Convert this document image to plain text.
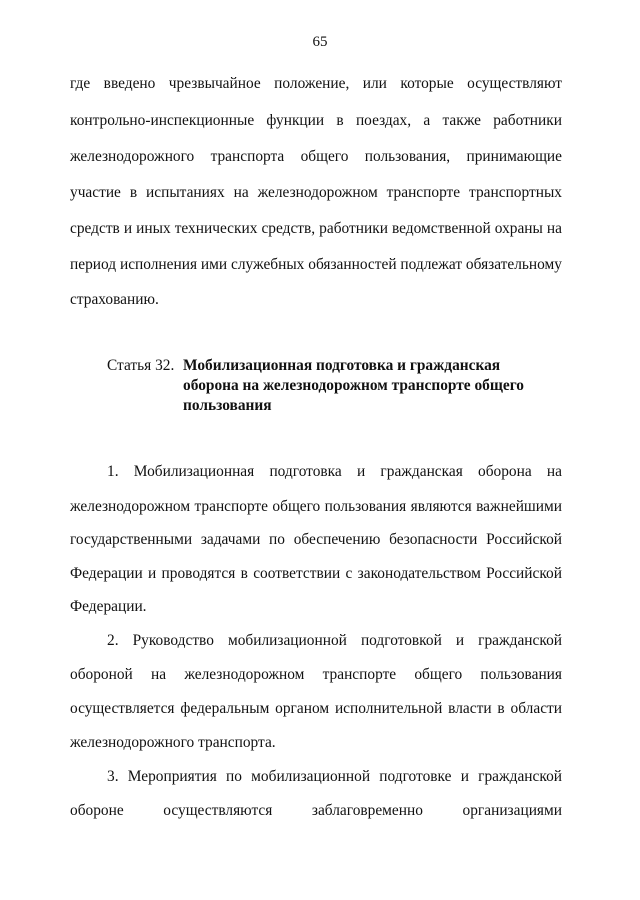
65
где введено чрезвычайное положение, или которые осуществляют
контрольно-инспекционные функции в поездах, а также работники
железнодорожного транспорта общего пользования, принимающие
участие в испытаниях на железнодорожном транспорте транспортных
средств и иных технических средств, работники ведомственной охраны на
период исполнения ими служебных обязанностей подлежат обязательному
страхованию.
Статья 32. Мобилизационная подготовка и гражданская
оборона на железнодорожном транспорте общего
пользования
1. Мобилизационная подготовка и гражданская оборона на
железнодорожном транспорте общего пользования являются важнейшими
государственными задачами по обеспечению безопасности Российской
Федерации и проводятся в соответствии с законодательством Российской
Федерации.
2. Руководство мобилизационной подготовкой и гражданской
обороной на железнодорожном транспорте общего пользования
осуществляется федеральным органом исполнительной власти в области
железнодорожного транспорта.
3. Мероприятия по мобилизационной подготовке и гражданской
обороне осуществляются заблаговременно организациями
